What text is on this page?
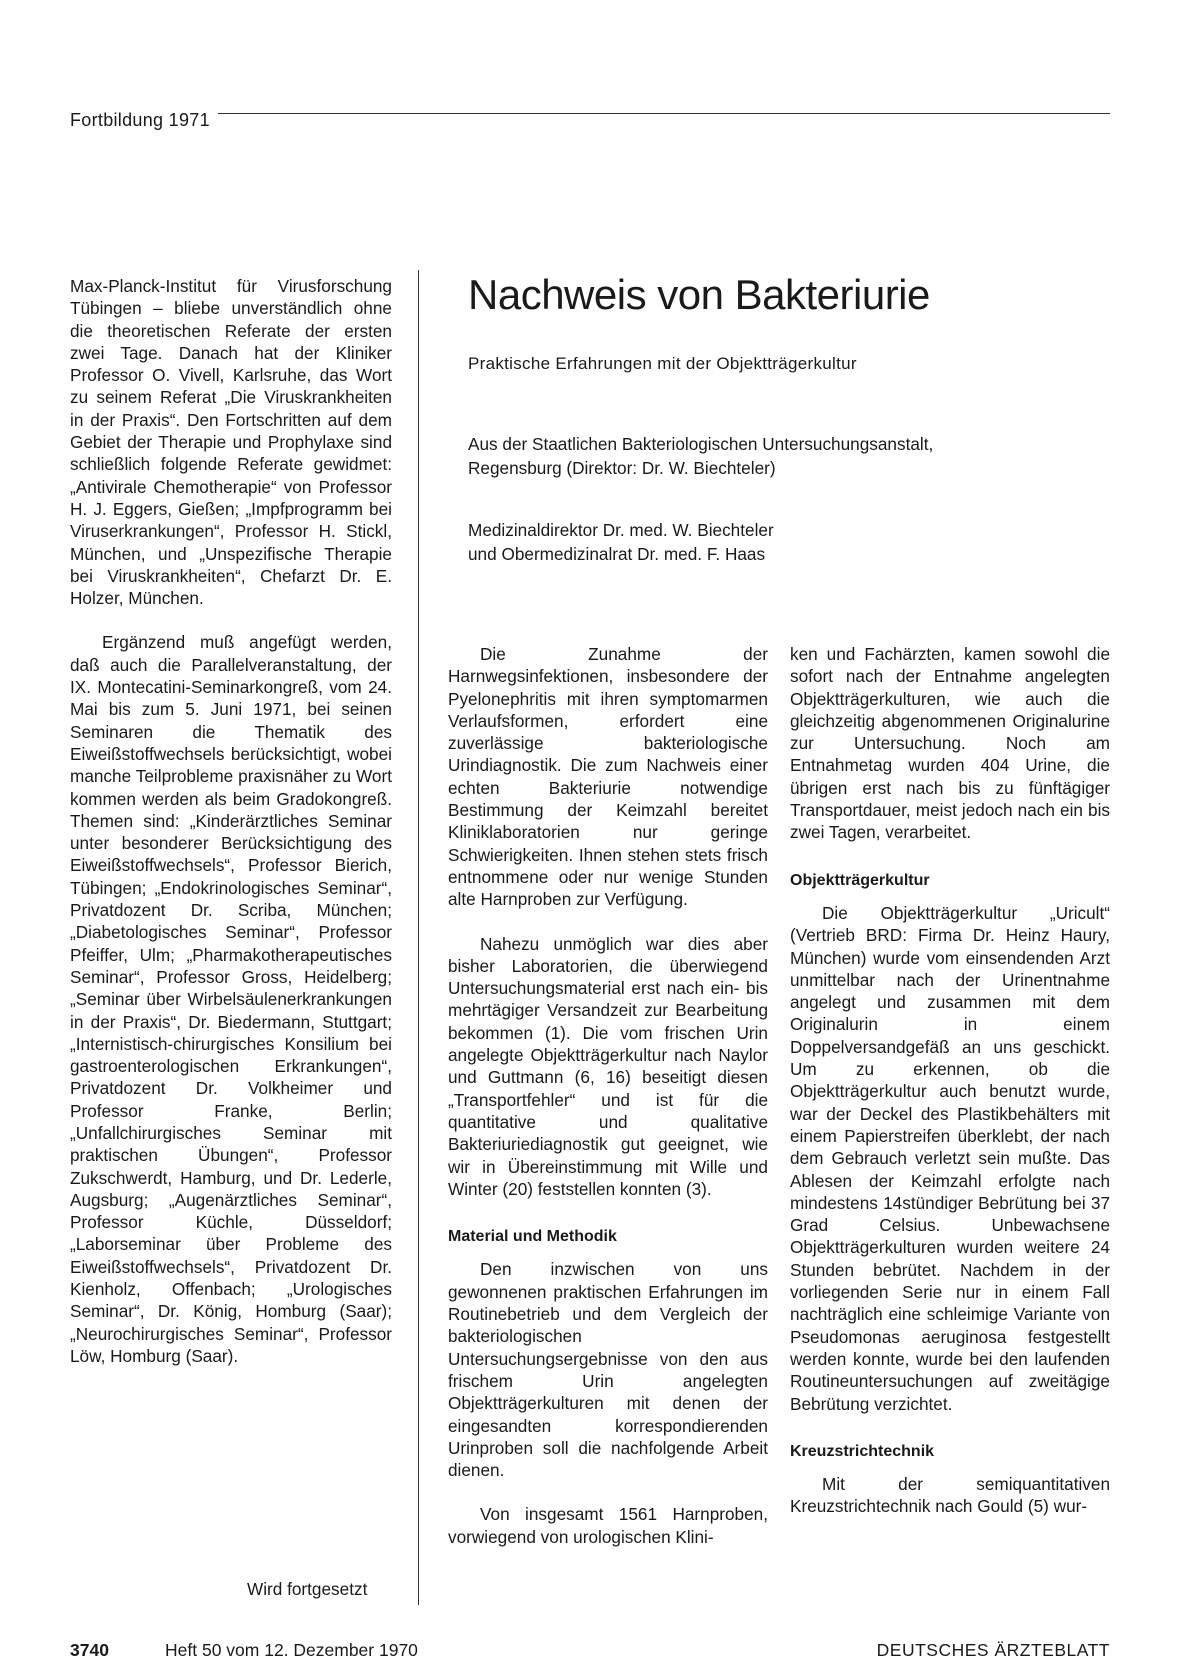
Fortbildung 1971

Max-Planck-Institut für Virusforschung Tübingen – bliebe unverständlich ohne die theoretischen Referate der ersten zwei Tage. Danach hat der Kliniker Professor O. Vivell, Karlsruhe, das Wort zu seinem Referat „Die Viruskrankheiten in der Praxis“. Den Fortschritten auf dem Gebiet der Therapie und Prophylaxe sind schließlich folgende Referate gewidmet: „Antivirale Chemotherapie“ von Professor H. J. Eggers, Gießen; „Impfprogramm bei Viruserkrankungen“, Professor H. Stickl, München, und „Unspezifische Therapie bei Viruskrankheiten“, Chefarzt Dr. E. Holzer, München.

Ergänzend muß angefügt werden, daß auch die Parallelveranstaltung, der IX. Montecatini-Seminarkongreß, vom 24. Mai bis zum 5. Juni 1971, bei seinen Seminaren die Thematik des Eiweißstoffwechsels berücksichtigt, wobei manche Teilprobleme praxisnäher zu Wort kommen werden als beim Gradokongreß. Themen sind: „Kinderärztliches Seminar unter besonderer Berücksichtigung des Eiweißstoffwechsels“, Professor Bierich, Tübingen; „Endokrinologisches Seminar“, Privatdozent Dr. Scriba, München; „Diabetologisches Seminar“, Professor Pfeiffer, Ulm; „Pharmakotherapeutisches Seminar“, Professor Gross, Heidelberg; „Seminar über Wirbelsäulenerkrankungen in der Praxis“, Dr. Biedermann, Stuttgart; „Internistisch-chirurgisches Konsilium bei gastroenterologischen Erkrankungen“, Privatdozent Dr. Volkheimer und Professor Franke, Berlin; „Unfallchirurgisches Seminar mit praktischen Übungen“, Professor Zukschwerdt, Hamburg, und Dr. Lederle, Augsburg; „Augenärztliches Seminar“, Professor Küchle, Düsseldorf; „Laborseminar über Probleme des Eiweißstoffwechsels“, Privatdozent Dr. Kienholz, Offenbach; „Urologisches Seminar“, Dr. König, Homburg (Saar); „Neurochirurgisches Seminar“, Professor Löw, Homburg (Saar).

Wird fortgesetzt
Nachweis von Bakteriurie

Praktische Erfahrungen mit der Objektträgerkultur

Aus der Staatlichen Bakteriologischen Untersuchungsanstalt,
Regensburg (Direktor: Dr. W. Biechteler)

Medizinaldirektor Dr. med. W. Biechteler
und Obermedizinalrat Dr. med. F. Haas

Die Zunahme der Harnwegsinfektionen, insbesondere der Pyelonephritis mit ihren symptomarmen Verlaufsformen, erfordert eine zuverlässige bakteriologische Urindiagnostik. Die zum Nachweis einer echten Bakteriurie notwendige Bestimmung der Keimzahl bereitet Kliniklaboratorien nur geringe Schwierigkeiten. Ihnen stehen stets frisch entnommene oder nur wenige Stunden alte Harnproben zur Verfügung.

Nahezu unmöglich war dies aber bisher Laboratorien, die überwiegend Untersuchungsmaterial erst nach ein- bis mehrtägiger Versandzeit zur Bearbeitung bekommen (1). Die vom frischen Urin angelegte Objektträgerkultur nach Naylor und Guttmann (6, 16) beseitigt diesen „Transportfehler“ und ist für die quantitative und qualitative Bakteriuriediagnostik gut geeignet, wie wir in Übereinstimmung mit Wille und Winter (20) feststellen konnten (3).

Material und Methodik

Den inzwischen von uns gewonnenen praktischen Erfahrungen im Routinebetrieb und dem Vergleich der bakteriologischen Untersuchungsergebnisse von den aus frischem Urin angelegten Objektträgerkulturen mit denen der eingesandten korrespondierenden Urinproben soll die nachfolgende Arbeit dienen.

Von insgesamt 1561 Harnproben, vorwiegend von urologischen Klini-

ken und Fachärzten, kamen sowohl die sofort nach der Entnahme angelegten Objektträgerkulturen, wie auch die gleichzeitig abgenommenen Originalurine zur Untersuchung. Noch am Entnahmetag wurden 404 Urine, die übrigen erst nach bis zu fünftägiger Transportdauer, meist jedoch nach ein bis zwei Tagen, verarbeitet.

Objektträgerkultur

Die Objektträgerkultur „Uricult“ (Vertrieb BRD: Firma Dr. Heinz Haury, München) wurde vom einsendenden Arzt unmittelbar nach der Urinentnahme angelegt und zusammen mit dem Originalurin in einem Doppelversandgefäß an uns geschickt. Um zu erkennen, ob die Objektträgerkultur auch benutzt wurde, war der Deckel des Plastikbehälters mit einem Papierstreifen überklebt, der nach dem Gebrauch verletzt sein mußte. Das Ablesen der Keimzahl erfolgte nach mindestens 14stündiger Bebrütung bei 37 Grad Celsius. Unbewachsene Objektträgerkulturen wurden weitere 24 Stunden bebrütet. Nachdem in der vorliegenden Serie nur in einem Fall nachträglich eine schleimige Variante von Pseudomonas aeruginosa festgestellt werden konnte, wurde bei den laufenden Routineuntersuchungen auf zweitägige Bebrütung verzichtet.

Kreuzstrichtechnik

Mit der semiquantitativen Kreuzstrichtechnik nach Gould (5) wur-

3740	Heft 50 vom 12. Dezember 1970	DEUTSCHES ÄRZTEBLATT
